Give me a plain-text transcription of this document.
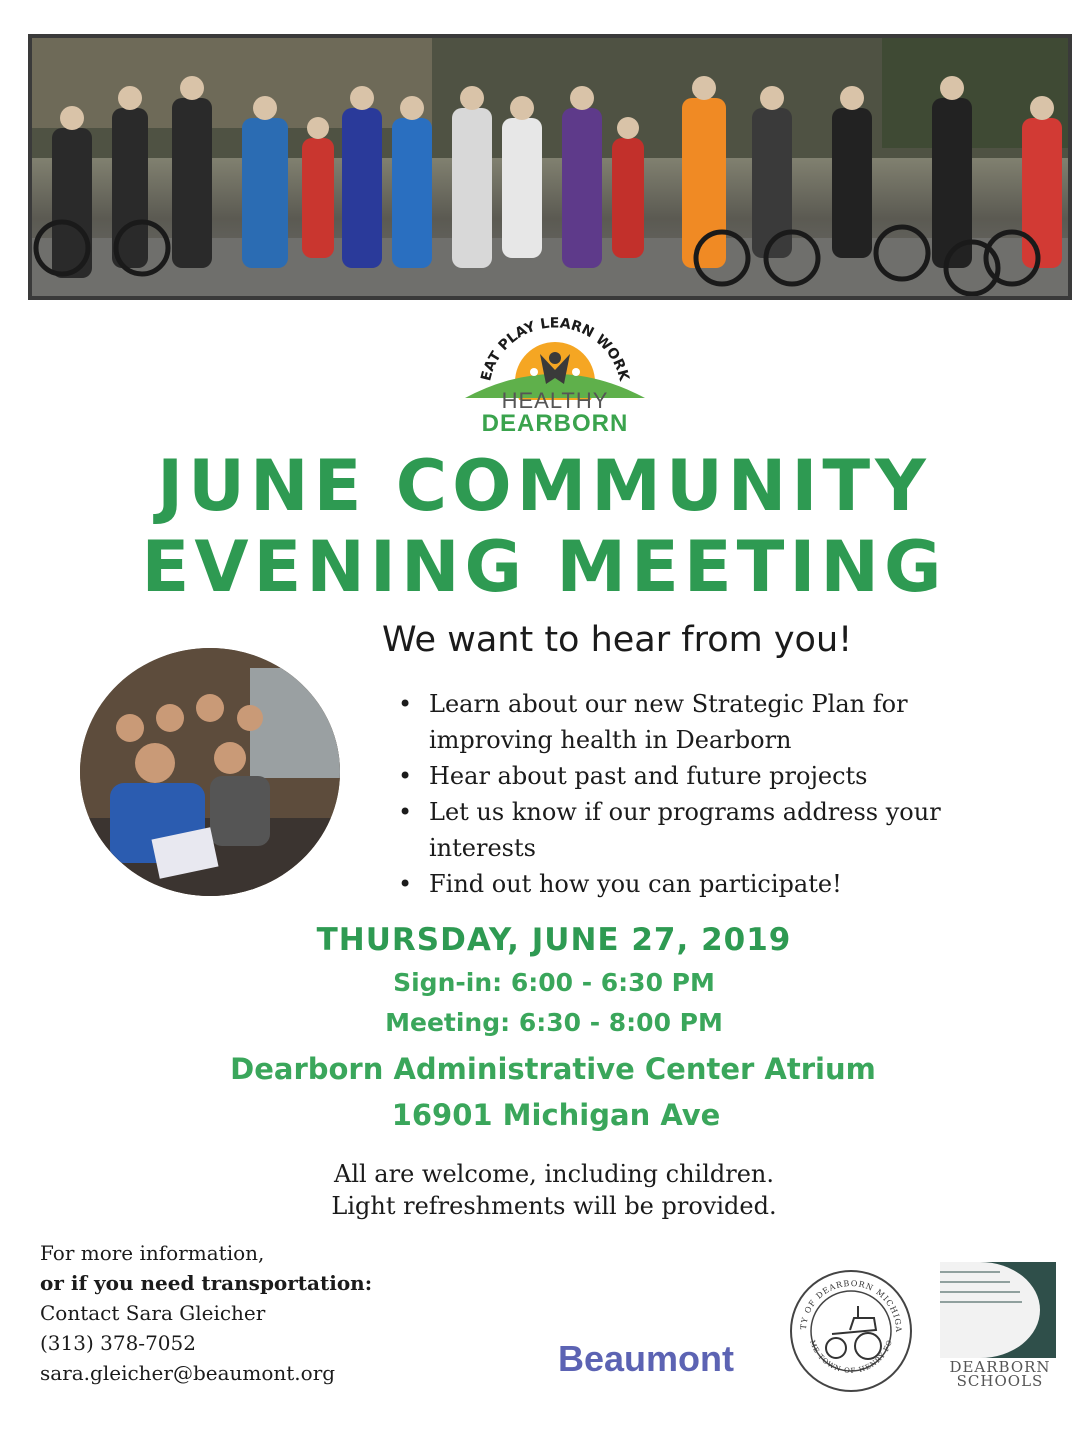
EAT PLAY LEARN WORK
HEALTHY
DEARBORN
JUNE COMMUNITY
EVENING MEETING
We want to hear from you!
• Learn about our new Strategic Plan for improving health in Dearborn
• Hear about past and future projects
• Let us know if our programs address your interests
• Find out how you can participate!
THURSDAY, JUNE 27, 2019
Sign-in: 6:00 - 6:30 PM
Meeting: 6:30 - 8:00 PM
Dearborn Administrative Center Atrium
16901 Michigan Ave
All are welcome, including children.
Light refreshments will be provided.
For more information,
or if you need transportation:
Contact Sara Gleicher
(313) 378-7052
sara.gleicher@beaumont.org	Beaumont
TY OF DEARBORN MICHIGA
ME TOWN OF HENRY FO
DEARBORN
SCHOOLS
